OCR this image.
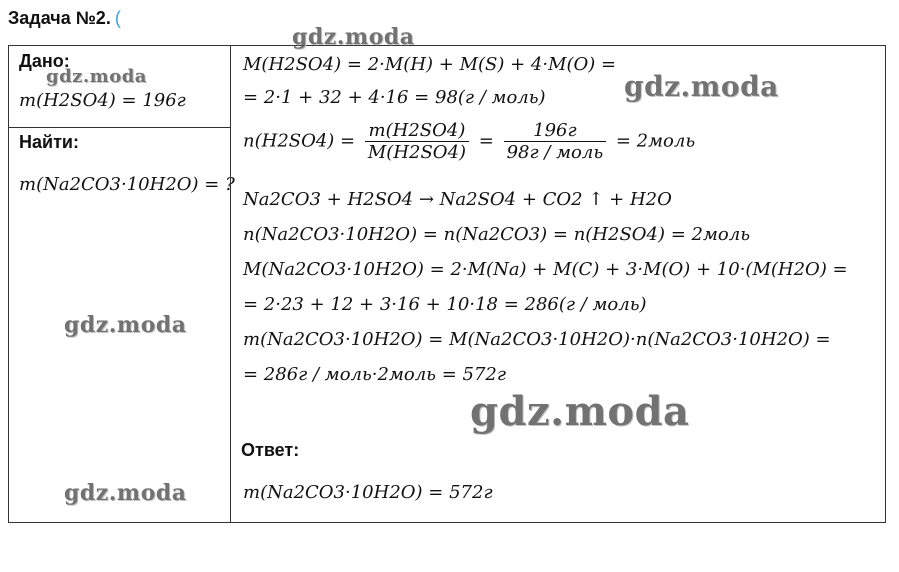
Задача №2. (
Дано:
m(H2SO4) = 196г
Найти:
m(Na2CO3·10H2O) = ?
M(H2SO4) = 2·M(H) + M(S) + 4·M(O) =
= 2·1 + 32 + 4·16 = 98(г / моль)
$n(H2SO4) = \frac{m(H2SO4)}{M(H2SO4)} = \frac{196г}{\text{98г / моль}}$ = 2моль
Na2CO3 + H2SO4 → Na2SO4 + CO2 ↑ + H2O
n(Na2CO3·10H2O) = n(Na2CO3) = n(H2SO4) = 2моль
M(Na2CO3·10H2O) = 2·M(Na) + M(C) + 3·M(O) + 10·(M(H2O) =
= 2·23 + 12 + 3·16 + 10·18 = 286(г / моль)
m(Na2CO3·10H2O) = M(Na2CO3·10H2O)·n(Na2CO3·10H2O) =
= 286г / моль·2моль = 572г
Ответ:
m(Na2CO3·10H2O) = 572г
gdz.moda
gdz.moda	gdz.moda
gdz.moda
gdz.moda
gdz.moda
